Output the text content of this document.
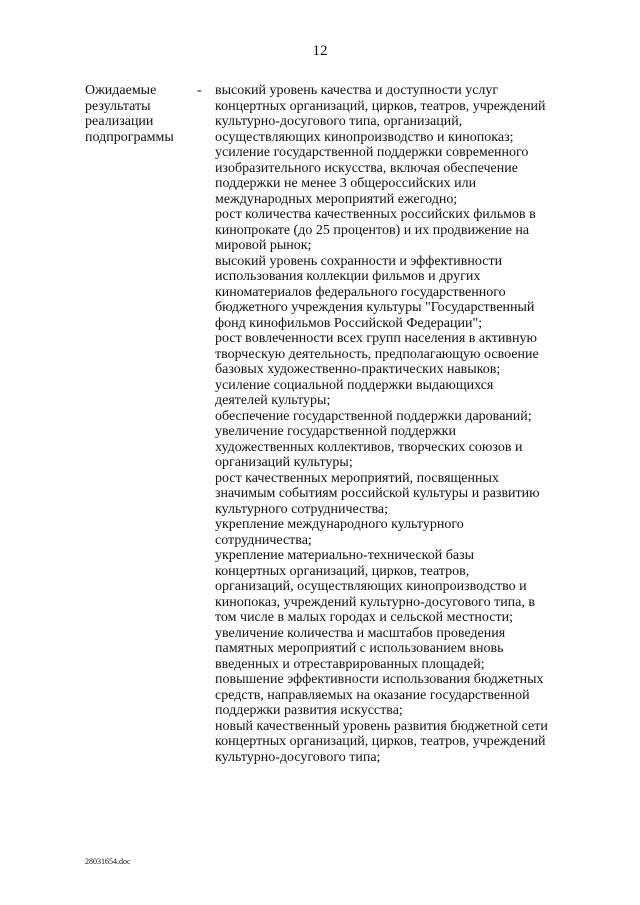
12
Ожидаемые
результаты
реализации
подпрограммы
- высокий уровень качества и доступности услуг
концертных организаций, цирков, театров, учреждений
культурно-досугового типа, организаций,
осуществляющих кинопроизводство и кинопоказ;
усиление государственной поддержки современного
изобразительного искусства, включая обеспечение
поддержки не менее 3 общероссийских или
международных мероприятий ежегодно;
рост количества качественных российских фильмов в
кинопрокате (до 25 процентов) и их продвижение на
мировой рынок;
высокий уровень сохранности и эффективности
использования коллекции фильмов и других
киноматериалов федерального государственного
бюджетного учреждения культуры "Государственный
фонд кинофильмов Российской Федерации";
рост вовлеченности всех групп населения в активную
творческую деятельность, предполагающую освоение
базовых художественно-практических навыков;
усиление социальной поддержки выдающихся
деятелей культуры;
обеспечение государственной поддержки дарований;
увеличение государственной поддержки
художественных коллективов, творческих союзов и
организаций культуры;
рост качественных мероприятий, посвященных
значимым событиям российской культуры и развитию
культурного сотрудничества;
укрепление международного культурного
сотрудничества;
укрепление материально-технической базы
концертных организаций, цирков, театров,
организаций, осуществляющих кинопроизводство и
кинопоказ, учреждений культурно-досугового типа, в
том числе в малых городах и сельской местности;
увеличение количества и масштабов проведения
памятных мероприятий с использованием вновь
введенных и отреставрированных площадей;
повышение эффективности использования бюджетных
средств, направляемых на оказание государственной
поддержки развития искусства;
новый качественный уровень развития бюджетной сети
концертных организаций, цирков, театров, учреждений
культурно-досугового типа;
28031654.doc
